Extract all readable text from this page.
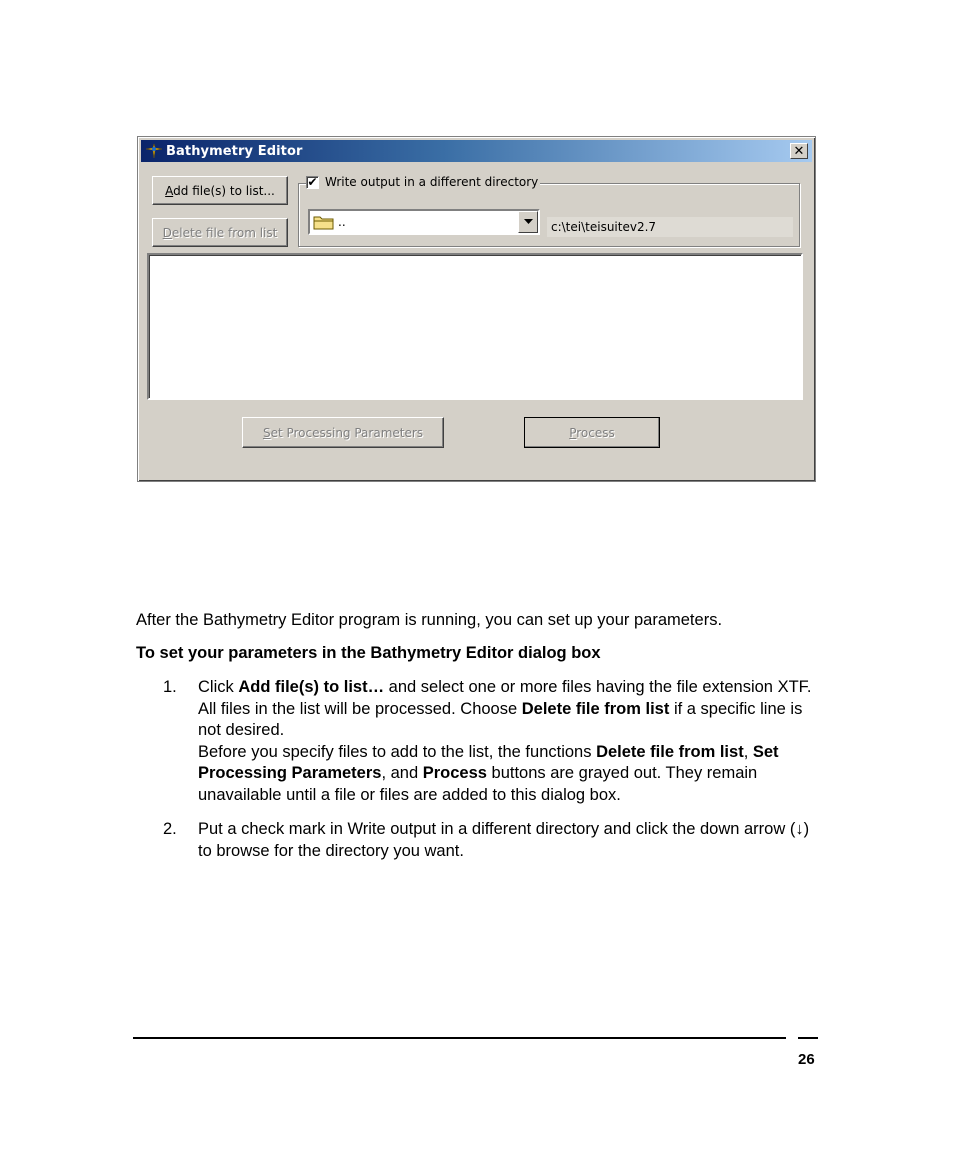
Bathymetry Editor	✕
Add file(s) to list...
Delete file from list
✔ Write output in a different directory
..	c:\tei\teisuitev2.7
Set Processing Parameters	Process
After the Bathymetry Editor program is running, you can set up your parameters.
To set your parameters in the Bathymetry Editor dialog box
1. Click Add file(s) to list… and select one or more files having the file extension XTF. All files in the list will be processed. Choose Delete file from list if a specific line is not desired.
Before you specify files to add to the list, the functions Delete file from list, Set Processing Parameters, and Process buttons are grayed out. They remain unavailable until a file or files are added to this dialog box.
2. Put a check mark in Write output in a different directory and click the down arrow (↓) to browse for the directory you want.
26
